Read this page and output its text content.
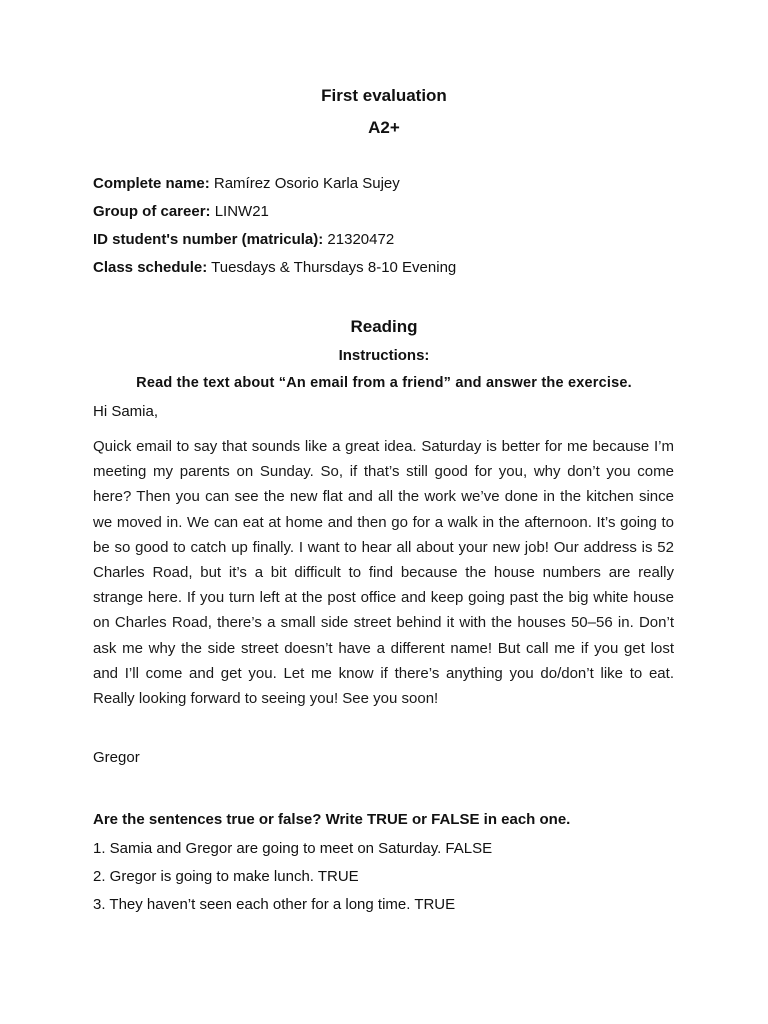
First evaluation
A2+
Complete name: Ramírez Osorio Karla Sujey
Group of career: LINW21
ID student's number (matricula): 21320472
Class schedule: Tuesdays & Thursdays 8-10 Evening
Reading
Instructions:
Read the text about “An email from a friend” and answer the exercise.
Hi Samia,
Quick email to say that sounds like a great idea. Saturday is better for me because I’m meeting my parents on Sunday. So, if that’s still good for you, why don’t you come here? Then you can see the new flat and all the work we’ve done in the kitchen since we moved in. We can eat at home and then go for a walk in the afternoon. It’s going to be so good to catch up finally. I want to hear all about your new job! Our address is 52 Charles Road, but it’s a bit difficult to find because the house numbers are really strange here. If you turn left at the post office and keep going past the big white house on Charles Road, there’s a small side street behind it with the houses 50–56 in. Don’t ask me why the side street doesn’t have a different name! But call me if you get lost and I’ll come and get you. Let me know if there’s anything you do/don’t like to eat. Really looking forward to seeing you! See you soon!
Gregor
Are the sentences true or false? Write TRUE or FALSE in each one.
1. Samia and Gregor are going to meet on Saturday. FALSE
2. Gregor is going to make lunch. TRUE
3. They haven’t seen each other for a long time. TRUE
